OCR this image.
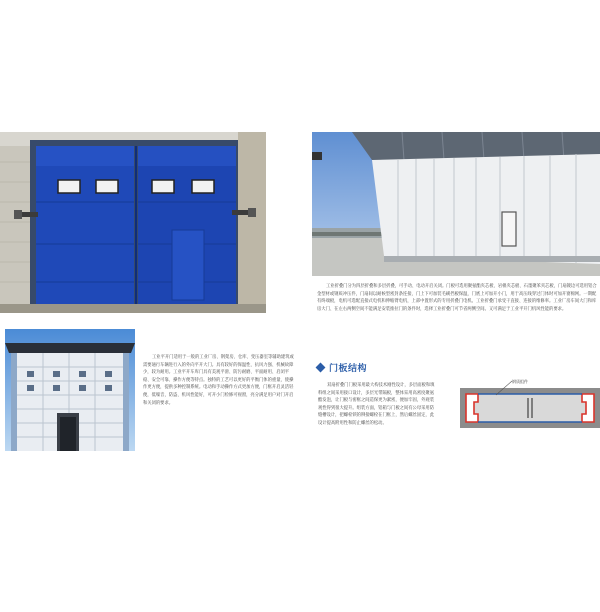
工业折叠门分为四层折叠和多层折叠，可手动、电动开启关闭。门板可选用聚氨酯夹芯板、岩棉夹芯板、石墨聚苯夹芯板，门扇镀边可选用铝合金型材或钢质冲压件，门扇间以耐候型密封条连接，门上下可加装毛刷挡板保温，门底上可加开小门，用于高压线穿过门体时可加开窗棉网。一期配有终端板，电机可选配直接式电机和伸缩臂电机，上部中置形式的专用折叠门电机。工业折叠门承受干直接、连接的维修率。工业厂房车间大门和库房大门、在左右两侧空间不能满足安装推拉门的条件时，选择工业折叠门可节省两侧空间。又可满足于工业平开门机风性能的要求。

工业平开门适用于一般的工业厂房、钢架房、仓库、变压器室等辅助建筑或需要通行车辆进行入的外向平开大门。具有较好的保温性、抗风力强、机械故障少，较为耐用。工业平开车库门具有美观平滑、防污耐磨、平面耐用、启闭平稳、安全可靠、操作方便等特点。独特的工艺可以更好的平衡门体的重量，使操作更方便，提供多种控制系统。电动和手动操作方式更加方便，门框开启灵活轻便，低噪音，防盗、机风性能好，可开小门检修可视窗，亮分满足用户对门开启和关闭的要求。

门板结构

双扇折叠门门板采用最大构技术刚性设计，多层面板和填料组之间采用接口设计，多层光带隔板，整体采用高密度聚氨酯发泡，让门板与密框之间造保更为紧密，便加牢固，外观装观性得到很大提升。组装方面，铝箱与门板之间有公母采用防缝槽设计，把螺栓锁的铆接螺栓在门框上，然后螺丝固定，此设计提高附用性和防止螺丝的松动。

钢质组件
